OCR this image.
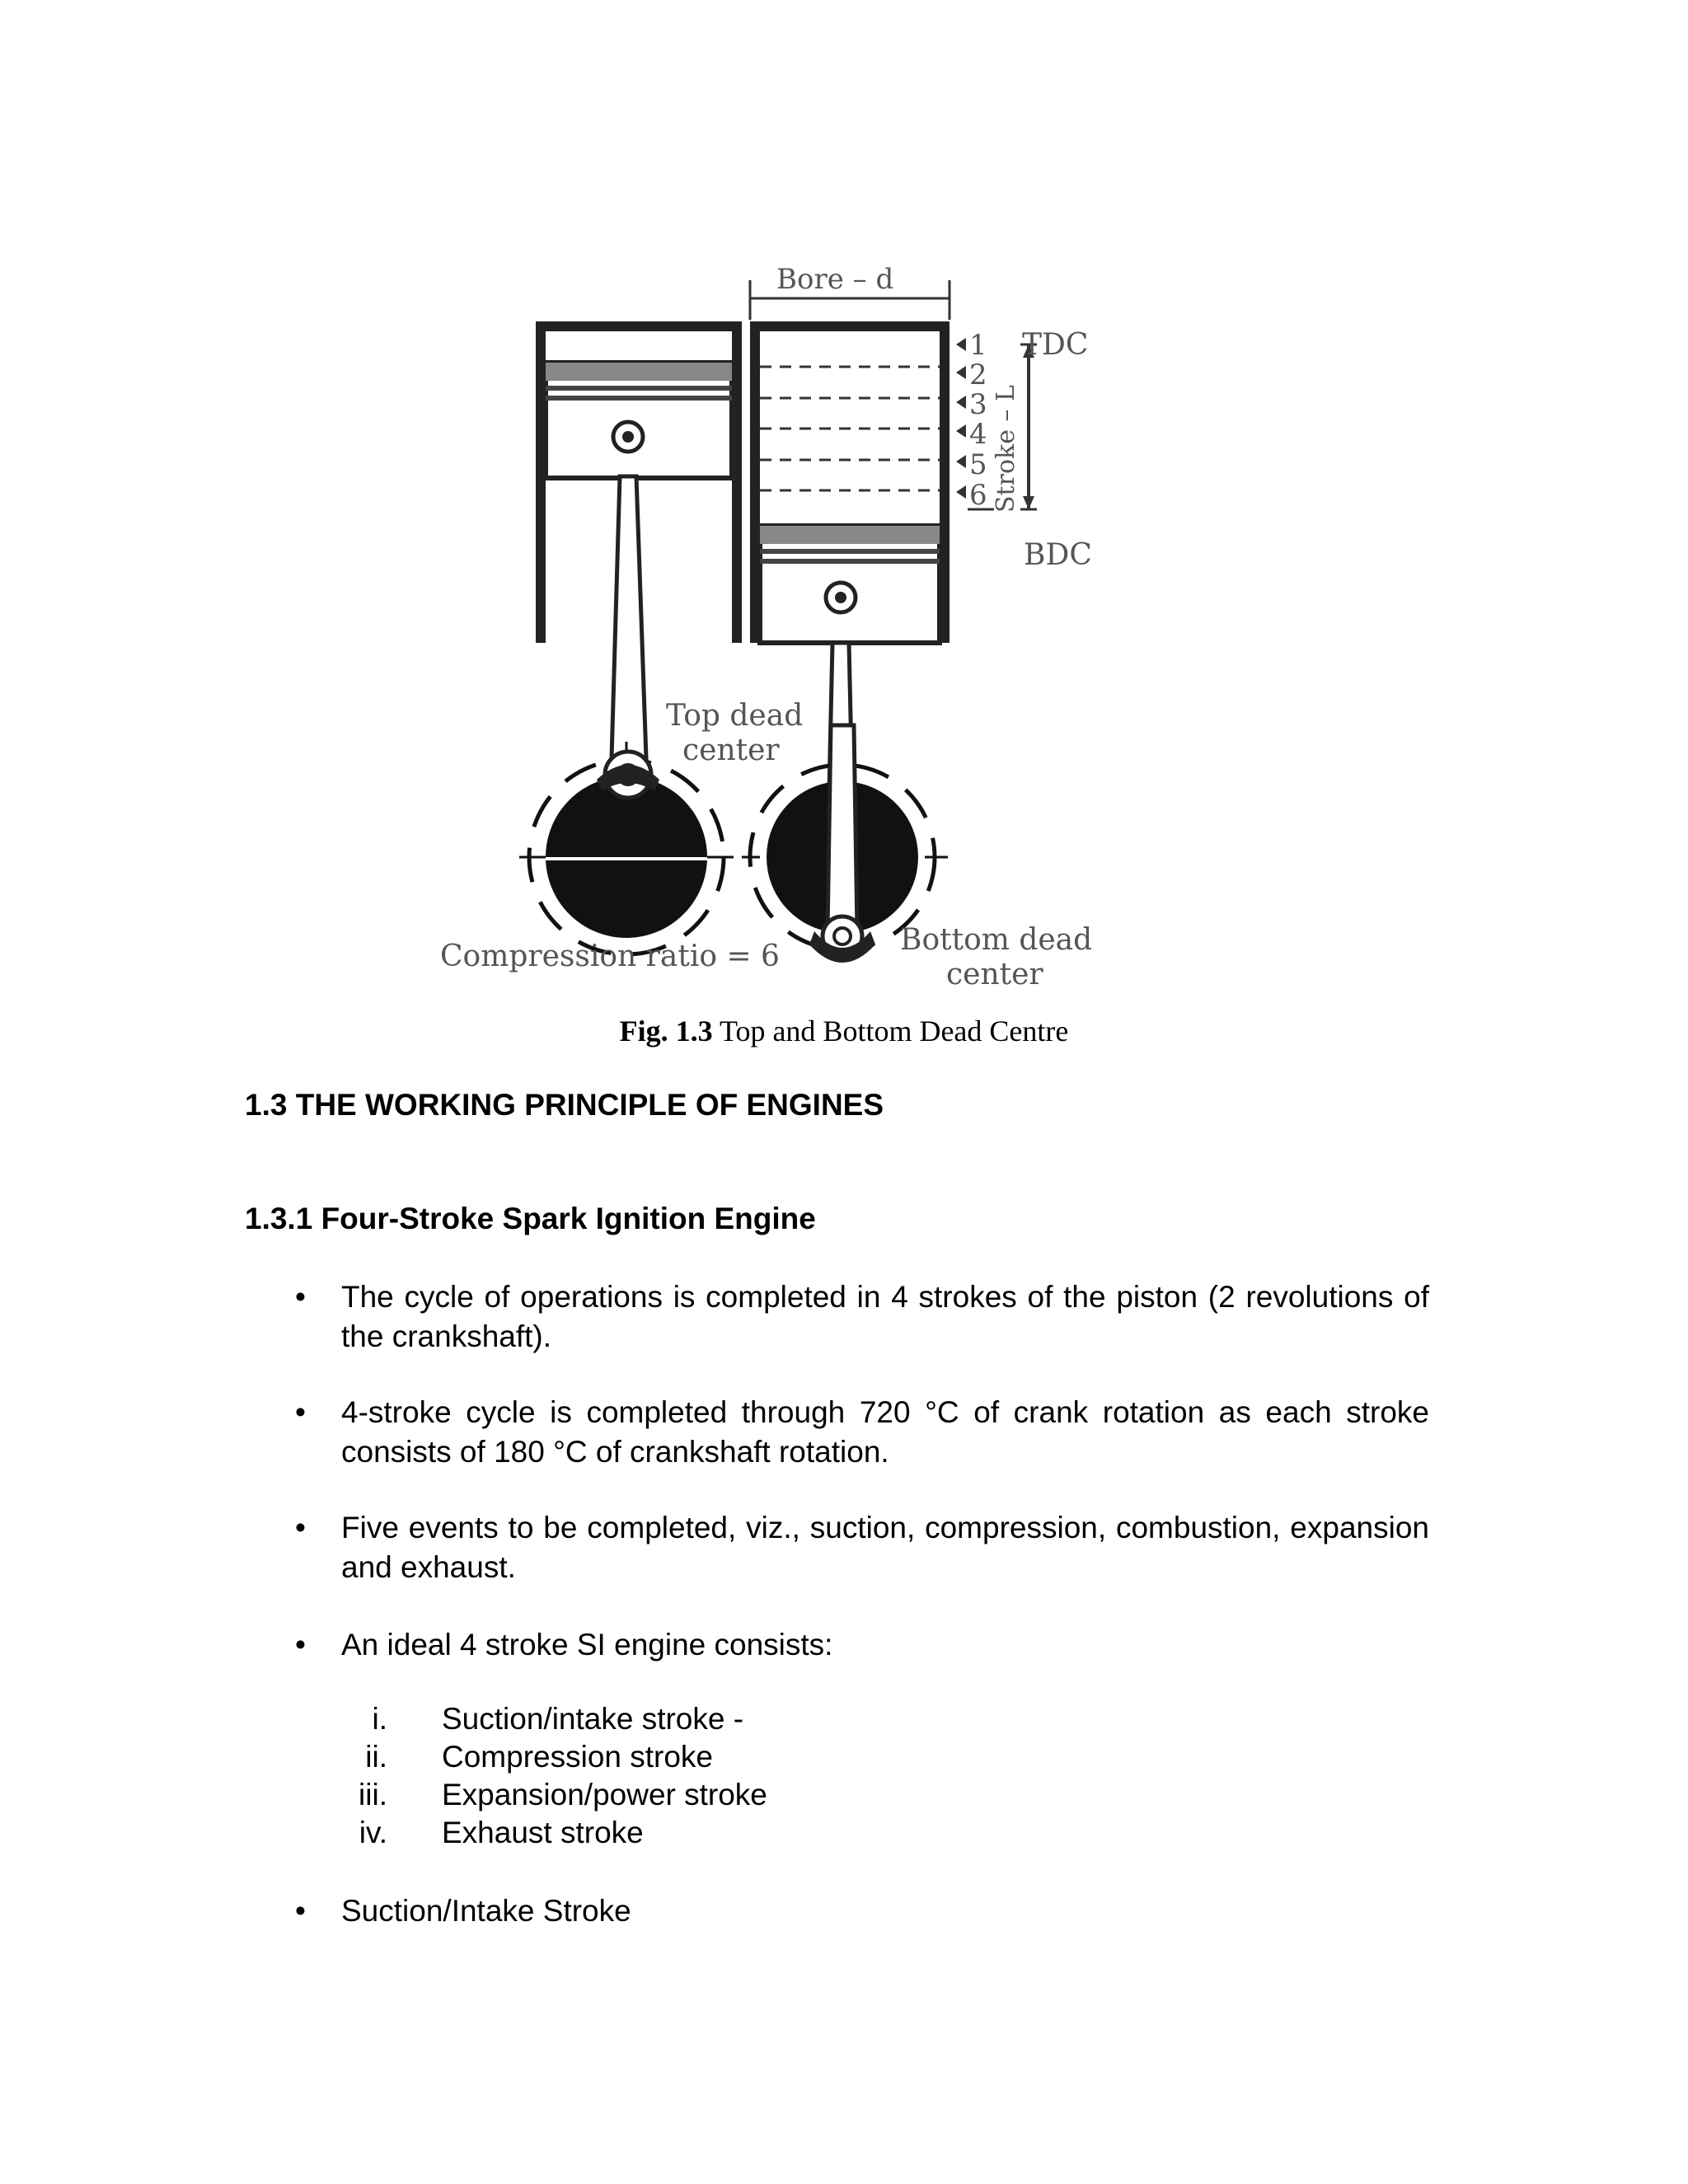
Bore – d
1
2
3
4
5
6 Stroke – L
TDC
BDC
Top dead
center
Bottom dead
center
Compression ratio = 6
Fig. 1.3 Top and Bottom Dead Centre
1.3 THE WORKING PRINCIPLE OF ENGINES
1.3.1 Four-Stroke Spark Ignition Engine
• The cycle of operations is completed in 4 strokes of the piston (2 revolutions of the crankshaft).
• 4-stroke cycle is completed through 720 °C of crank rotation as each stroke consists of 180 °C of crankshaft rotation.
• Five events to be completed, viz., suction, compression, combustion, expansion and exhaust.
• An ideal 4 stroke SI engine consists:
i. Suction/intake stroke -
ii. Compression stroke
iii. Expansion/power stroke
iv. Exhaust stroke
• Suction/Intake Stroke
